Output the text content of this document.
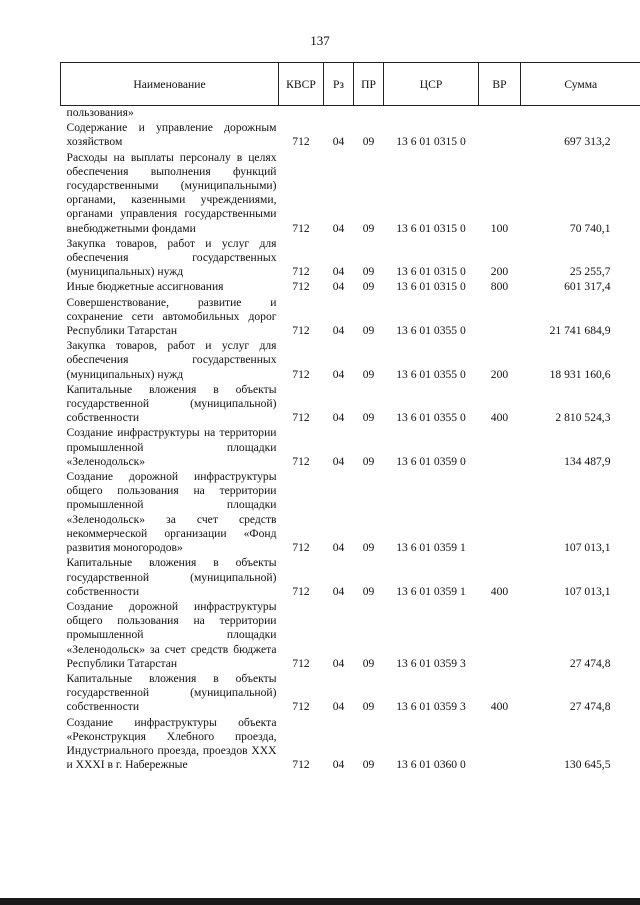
137
Наименование	КВСР	Рз	ПР	ЦСР	ВР	Сумма
пользования»						
Содержание и управление дорожным хозяйством	712	04	09	13 6 01 0315 0		697 313,2
Расходы на выплаты персоналу в целях обеспечения выполнения функций государственными (муниципальными) органами, казенными учреждениями, органами управления государственными внебюджетными фондами	712	04	09	13 6 01 0315 0	100	70 740,1
Закупка товаров, работ и услуг для обеспечения государственных (муниципальных) нужд	712	04	09	13 6 01 0315 0	200	25 255,7
Иные бюджетные ассигнования	712	04	09	13 6 01 0315 0	800	601 317,4
Совершенствование, развитие и сохранение сети автомобильных дорог Республики Татарстан	712	04	09	13 6 01 0355 0		21 741 684,9
Закупка товаров, работ и услуг для обеспечения государственных (муниципальных) нужд	712	04	09	13 6 01 0355 0	200	18 931 160,6
Капитальные вложения в объекты государственной (муниципальной) собственности	712	04	09	13 6 01 0355 0	400	2 810 524,3
Создание инфраструктуры на территории промышленной площадки «Зеленодольск»	712	04	09	13 6 01 0359 0		134 487,9
Создание дорожной инфраструктуры общего пользования на территории промышленной площадки «Зеленодольск» за счет средств некоммерческой организации «Фонд развития моногородов»	712	04	09	13 6 01 0359 1		107 013,1
Капитальные вложения в объекты государственной (муниципальной) собственности	712	04	09	13 6 01 0359 1	400	107 013,1
Создание дорожной инфраструктуры общего пользования на территории промышленной площадки «Зеленодольск» за счет средств бюджета Республики Татарстан	712	04	09	13 6 01 0359 3		27 474,8
Капитальные вложения в объекты государственной (муниципальной) собственности	712	04	09	13 6 01 0359 3	400	27 474,8
Создание инфраструктуры объекта «Реконструкция Хлебного проезда, Индустриального проезда, проездов XXX и XXXI в г. Набережные	712	04	09	13 6 01 0360 0		130 645,5
